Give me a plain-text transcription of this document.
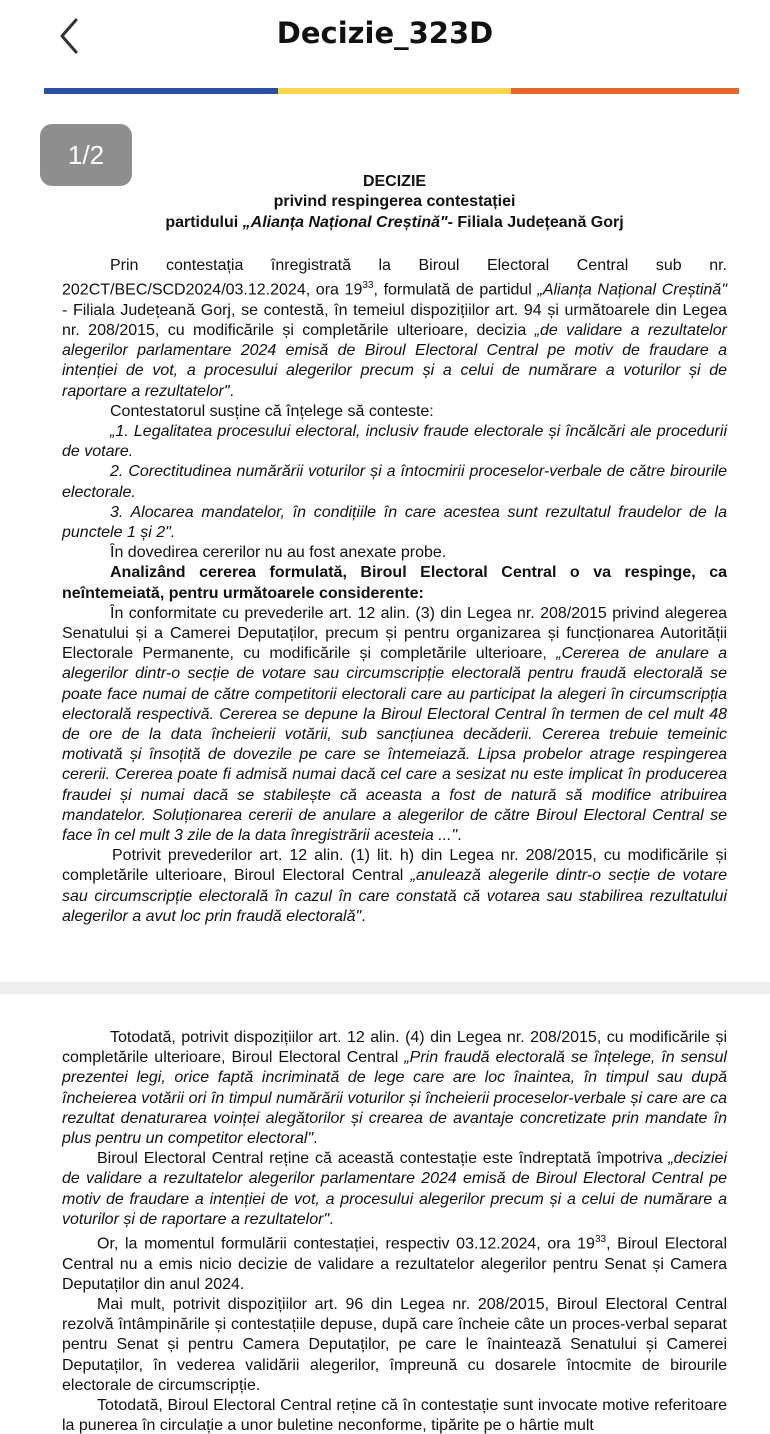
Decizie_323D
DECIZIE
privind respingerea contestației
partidului „Alianța Național Creștină"- Filiala Județeană Gorj

Prin contestația înregistrată la Biroul Electoral Central sub nr. 202CT/BEC/SCD2024/03.12.2024, ora $19^{33}$, formulată de partidul „Alianța Național Creștină" - Filiala Județeană Gorj, se contestă, în temeiul dispozițiilor art. 94 și următoarele din Legea nr. 208/2015, cu modificările și completările ulterioare, decizia „de validare a rezultatelor alegerilor parlamentare 2024 emisă de Biroul Electoral Central pe motiv de fraudare a intenției de vot, a procesului alegerilor precum și a celui de numărare a voturilor și de raportare a rezultatelor".

Contestatorul susține că înțelege să conteste:

„1. Legalitatea procesului electoral, inclusiv fraude electorale și încălcări ale procedurii de votare.

2. Corectitudinea numărării voturilor și a întocmirii proceselor-verbale de către birourile electorale.

3. Alocarea mandatelor, în condițiile în care acestea sunt rezultatul fraudelor de la punctele 1 și 2".

În dovedirea cererilor nu au fost anexate probe.

Analizând cererea formulată, Biroul Electoral Central o va respinge, ca neîntemeiată, pentru următoarele considerente:

În conformitate cu prevederile art. 12 alin. (3) din Legea nr. 208/2015 privind alegerea Senatului și a Camerei Deputaților, precum și pentru organizarea și funcționarea Autorității Electorale Permanente, cu modificările și completările ulterioare, „Cererea de anulare a alegerilor dintr-o secție de votare sau circumscripție electorală pentru fraudă electorală se poate face numai de către competitorii electorali care au participat la alegeri în circumscripția electorală respectivă. Cererea se depune la Biroul Electoral Central în termen de cel mult 48 de ore de la data încheierii votării, sub sancțiunea decăderii. Cererea trebuie temeinic motivată și însoțită de dovezile pe care se întemeiază. Lipsa probelor atrage respingerea cererii. Cererea poate fi admisă numai dacă cel care a sesizat nu este implicat în producerea fraudei și numai dacă se stabilește că aceasta a fost de natură să modifice atribuirea mandatelor. Soluționarea cererii de anulare a alegerilor de către Biroul Electoral Central se face în cel mult 3 zile de la data înregistrării acesteia ...".

Potrivit prevederilor art. 12 alin. (1) lit. h) din Legea nr. 208/2015, cu modificările și completările ulterioare, Biroul Electoral Central „anulează alegerile dintr-o secție de votare sau circumscripție electorală în cazul în care constată că votarea sau stabilirea rezultatului alegerilor a avut loc prin fraudă electorală".

1/2

Totodată, potrivit dispozițiilor art. 12 alin. (4) din Legea nr. 208/2015, cu modificările și completările ulterioare, Biroul Electoral Central „Prin fraudă electorală se înțelege, în sensul prezentei legi, orice faptă incriminată de lege care are loc înaintea, în timpul sau după încheierea votării ori în timpul numărării voturilor și încheierii proceselor-verbale și care are ca rezultat denaturarea voinței alegătorilor și crearea de avantaje concretizate prin mandate în plus pentru un competitor electoral".

Biroul Electoral Central reține că această contestație este îndreptată împotriva „deciziei de validare a rezultatelor alegerilor parlamentare 2024 emisă de Biroul Electoral Central pe motiv de fraudare a intenției de vot, a procesului alegerilor precum și a celui de numărare a voturilor și de raportare a rezultatelor".

Or, la momentul formulării contestației, respectiv 03.12.2024, ora $19^{33}$, Biroul Electoral Central nu a emis nicio decizie de validare a rezultatelor alegerilor pentru Senat și Camera Deputaților din anul 2024.

Mai mult, potrivit dispozițiilor art. 96 din Legea nr. 208/2015, Biroul Electoral Central rezolvă întâmpinările și contestațiile depuse, după care încheie câte un proces-verbal separat pentru Senat și pentru Camera Deputaților, pe care le înaintează Senatului și Camerei Deputaților, în vederea validării alegerilor, împreună cu dosarele întocmite de birourile electorale de circumscripție.

Totodată, Biroul Electoral Central reține că în contestație sunt invocate motive referitoare la punerea în circulație a unor buletine neconforme, tipărite pe o hârtie mult
